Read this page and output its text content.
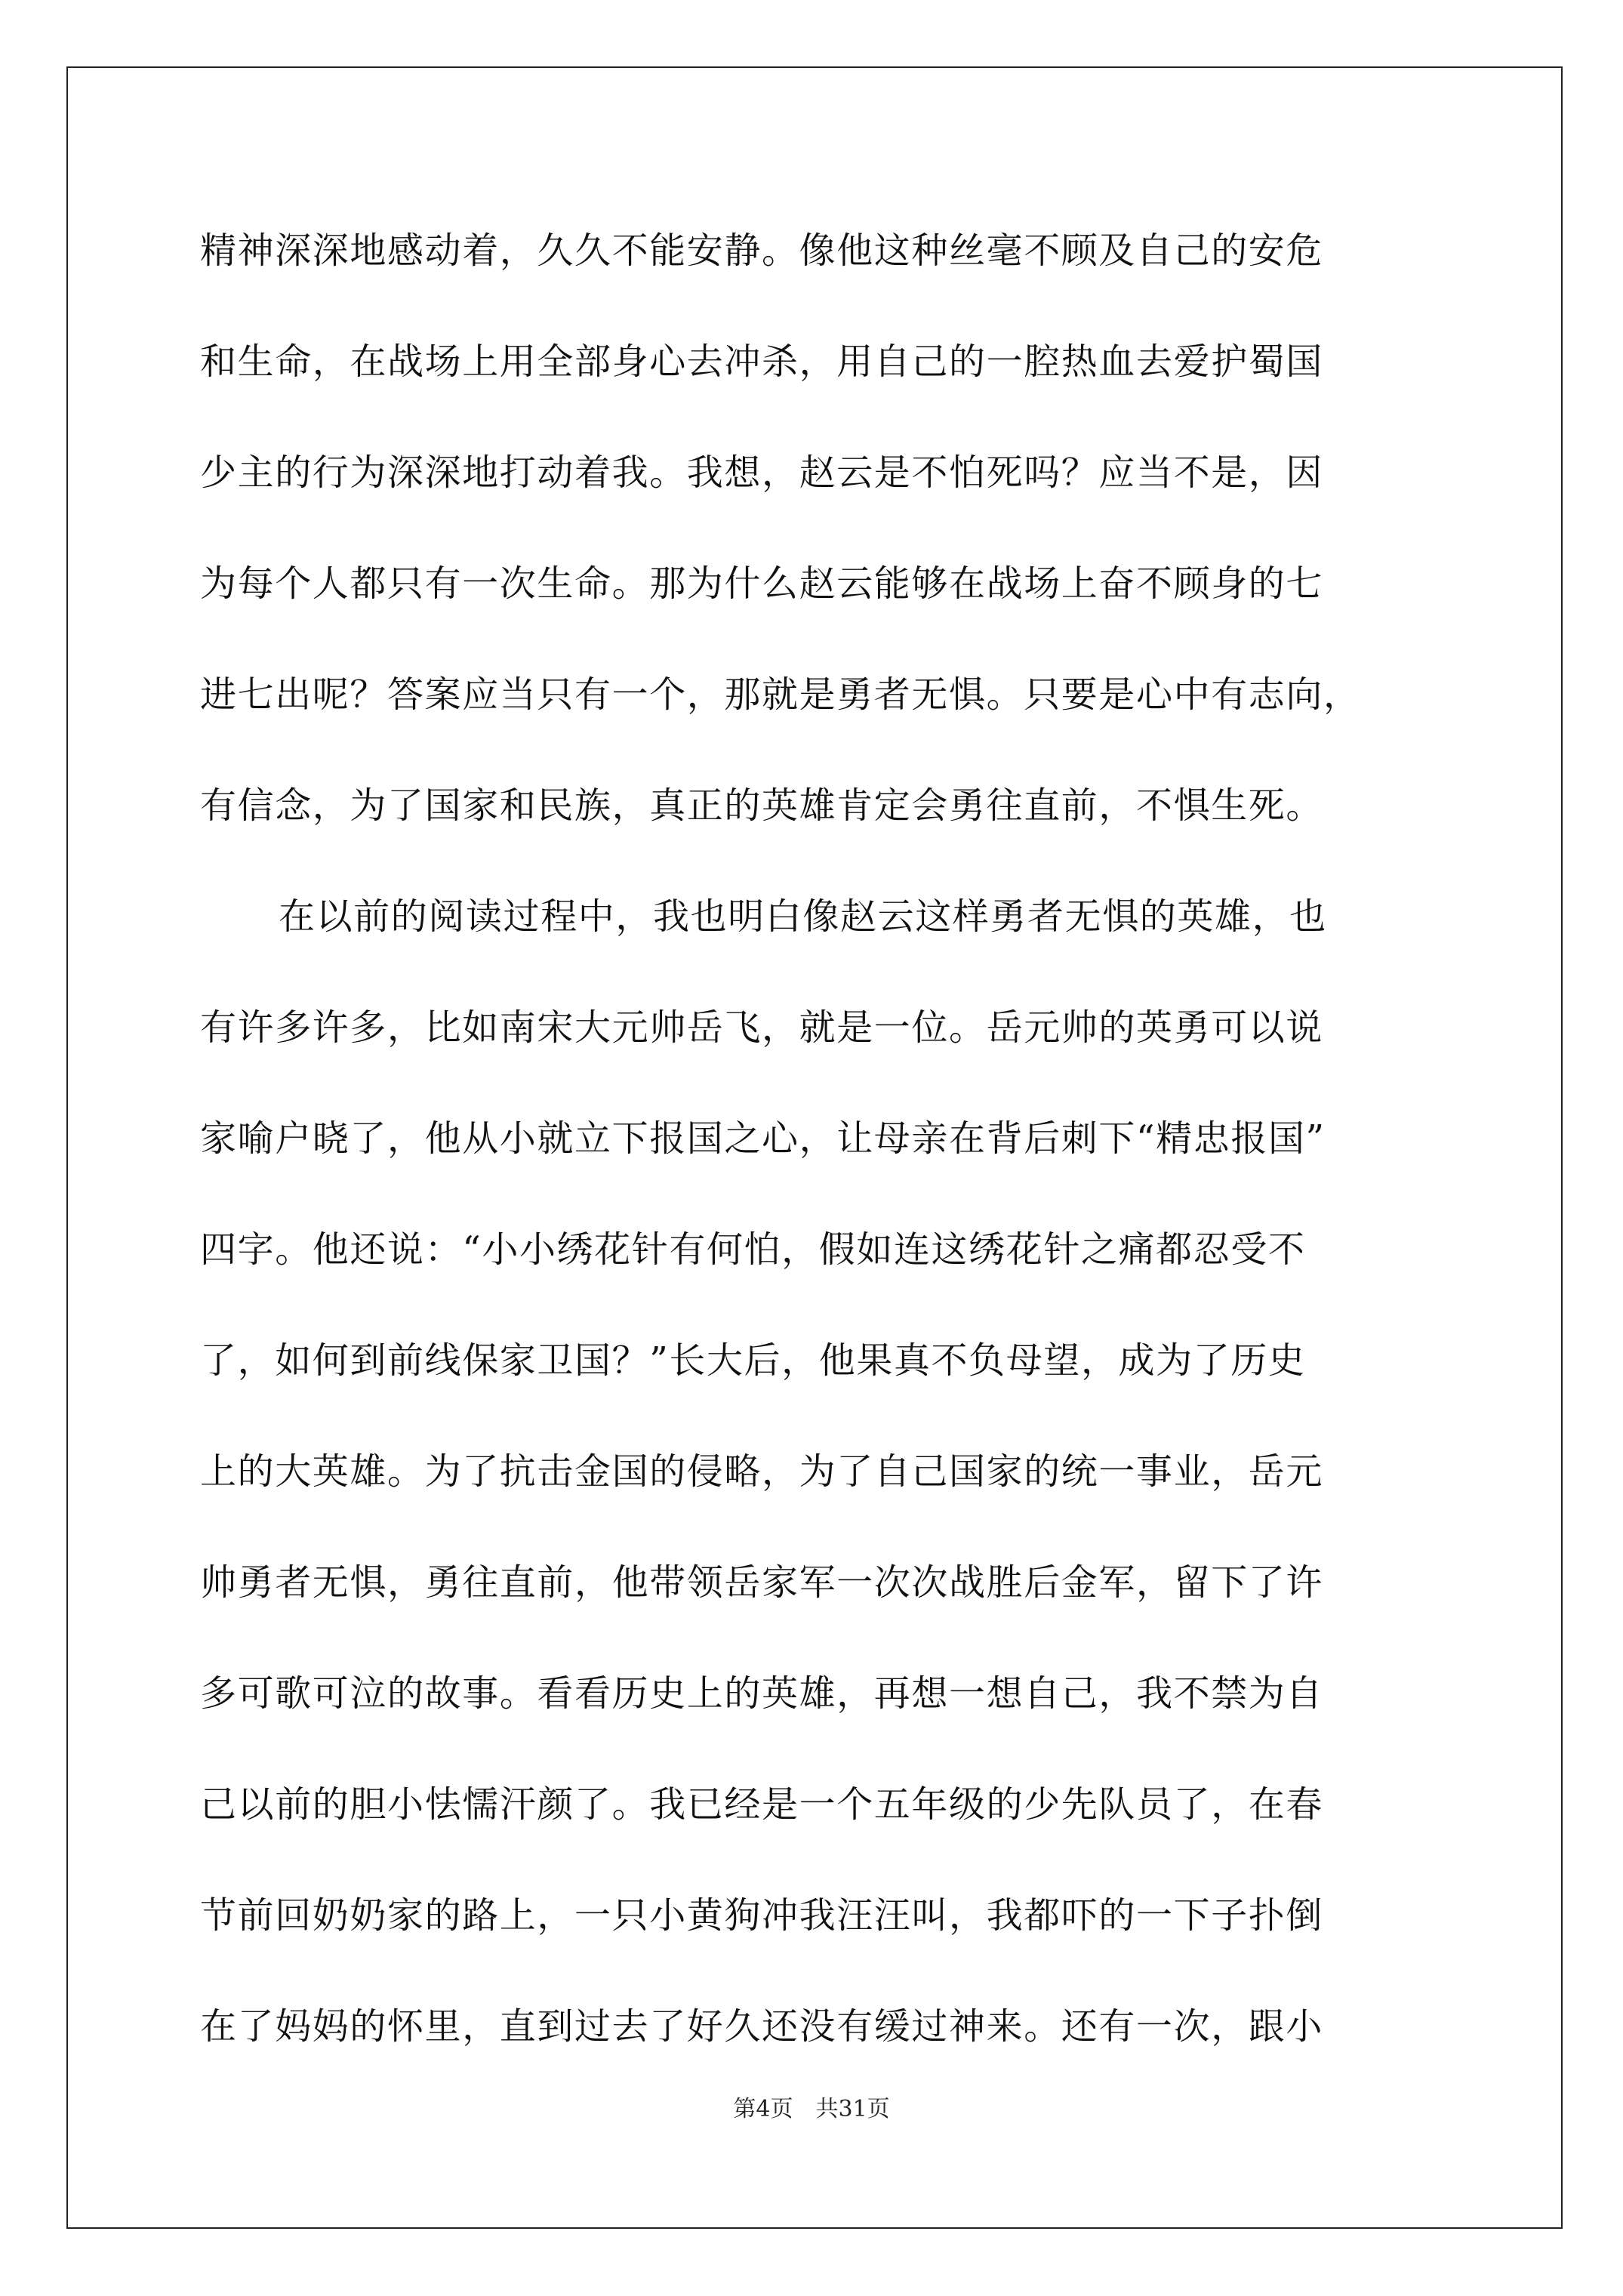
精神深深地感动着，久久不能安静。像他这种丝毫不顾及自己的安危
和生命，在战场上用全部身心去冲杀，用自己的一腔热血去爱护蜀国
少主的行为深深地打动着我。我想，赵云是不怕死吗？应当不是，因
为每个人都只有一次生命。那为什么赵云能够在战场上奋不顾身的七
进七出呢？答案应当只有一个，那就是勇者无惧。只要是心中有志向，
有信念，为了国家和民族，真正的英雄肯定会勇往直前，不惧生死。
在以前的阅读过程中，我也明白像赵云这样勇者无惧的英雄，也
有许多许多，比如南宋大元帅岳飞，就是一位。岳元帅的英勇可以说
家喻户晓了，他从小就立下报国之心，让母亲在背后刺下“精忠报国”
四字。他还说：“小小绣花针有何怕，假如连这绣花针之痛都忍受不
了，如何到前线保家卫国？”长大后，他果真不负母望，成为了历史
上的大英雄。为了抗击金国的侵略，为了自己国家的统一事业，岳元
帅勇者无惧，勇往直前，他带领岳家军一次次战胜后金军，留下了许
多可歌可泣的故事。看看历史上的英雄，再想一想自己，我不禁为自
己以前的胆小怯懦汗颜了。我已经是一个五年级的少先队员了，在春
节前回奶奶家的路上，一只小黄狗冲我汪汪叫，我都吓的一下子扑倒
在了妈妈的怀里，直到过去了好久还没有缓过神来。还有一次，跟小
第4页　共31页
